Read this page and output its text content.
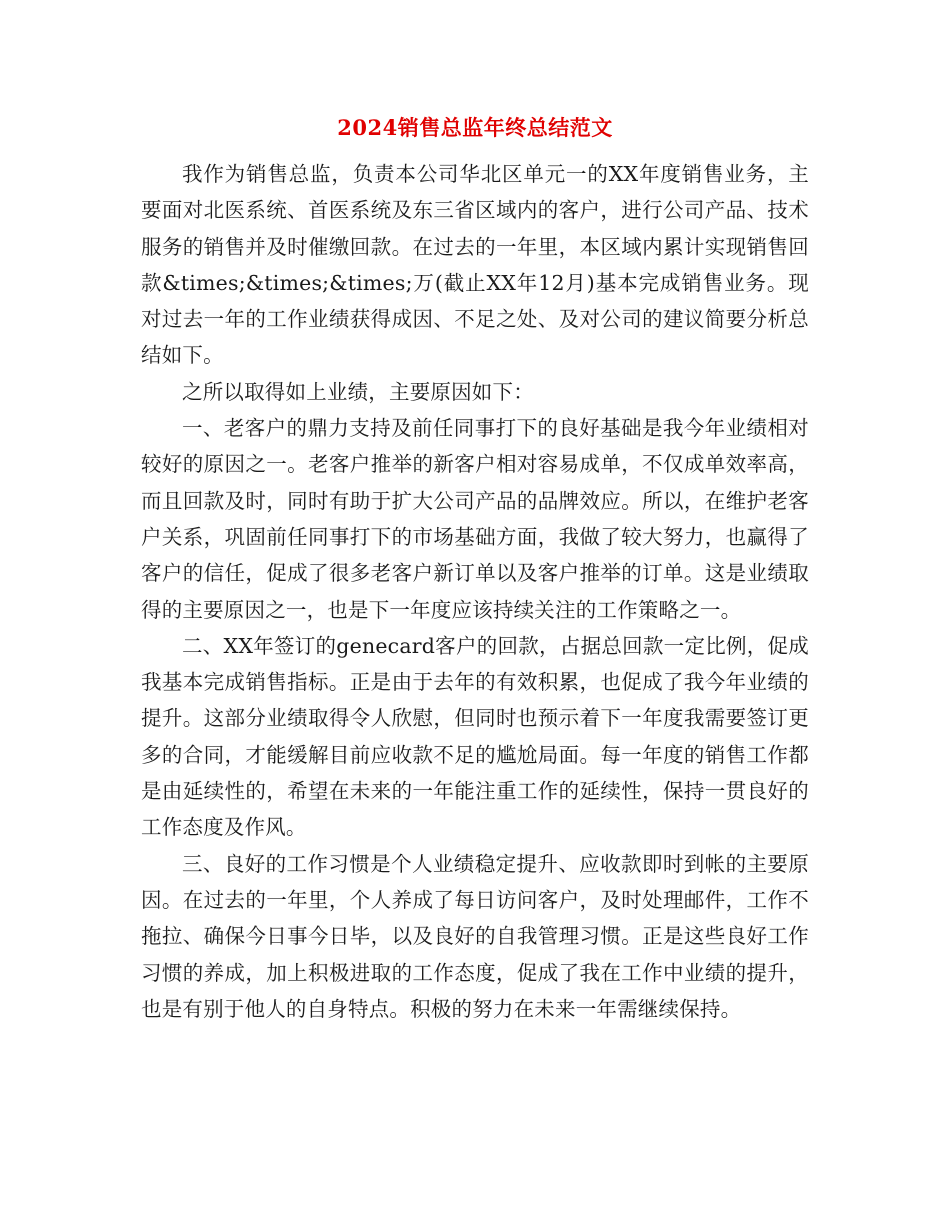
2024销售总监年终总结范文

我作为销售总监，负责本公司华北区单元一的XX年度销售业务，主要面对北医系统、首医系统及东三省区域内的客户，进行公司产品、技术服务的销售并及时催缴回款。在过去的一年里，本区域内累计实现销售回款&times;&times;&times;万(截止XX年12月)基本完成销售业务。现对过去一年的工作业绩获得成因、不足之处、及对公司的建议简要分析总结如下。

之所以取得如上业绩，主要原因如下：

一、老客户的鼎力支持及前任同事打下的良好基础是我今年业绩相对较好的原因之一。老客户推举的新客户相对容易成单，不仅成单效率高，而且回款及时，同时有助于扩大公司产品的品牌效应。所以，在维护老客户关系，巩固前任同事打下的市场基础方面，我做了较大努力，也赢得了客户的信任，促成了很多老客户新订单以及客户推举的订单。这是业绩取得的主要原因之一，也是下一年度应该持续关注的工作策略之一。

二、XX年签订的genecard客户的回款，占据总回款一定比例，促成我基本完成销售指标。正是由于去年的有效积累，也促成了我今年业绩的提升。这部分业绩取得令人欣慰，但同时也预示着下一年度我需要签订更多的合同，才能缓解目前应收款不足的尴尬局面。每一年度的销售工作都是由延续性的，希望在未来的一年能注重工作的延续性，保持一贯良好的工作态度及作风。

三、良好的工作习惯是个人业绩稳定提升、应收款即时到帐的主要原因。在过去的一年里，个人养成了每日访问客户，及时处理邮件，工作不拖拉、确保今日事今日毕，以及良好的自我管理习惯。正是这些良好工作习惯的养成，加上积极进取的工作态度，促成了我在工作中业绩的提升，也是有别于他人的自身特点。积极的努力在未来一年需继续保持。
